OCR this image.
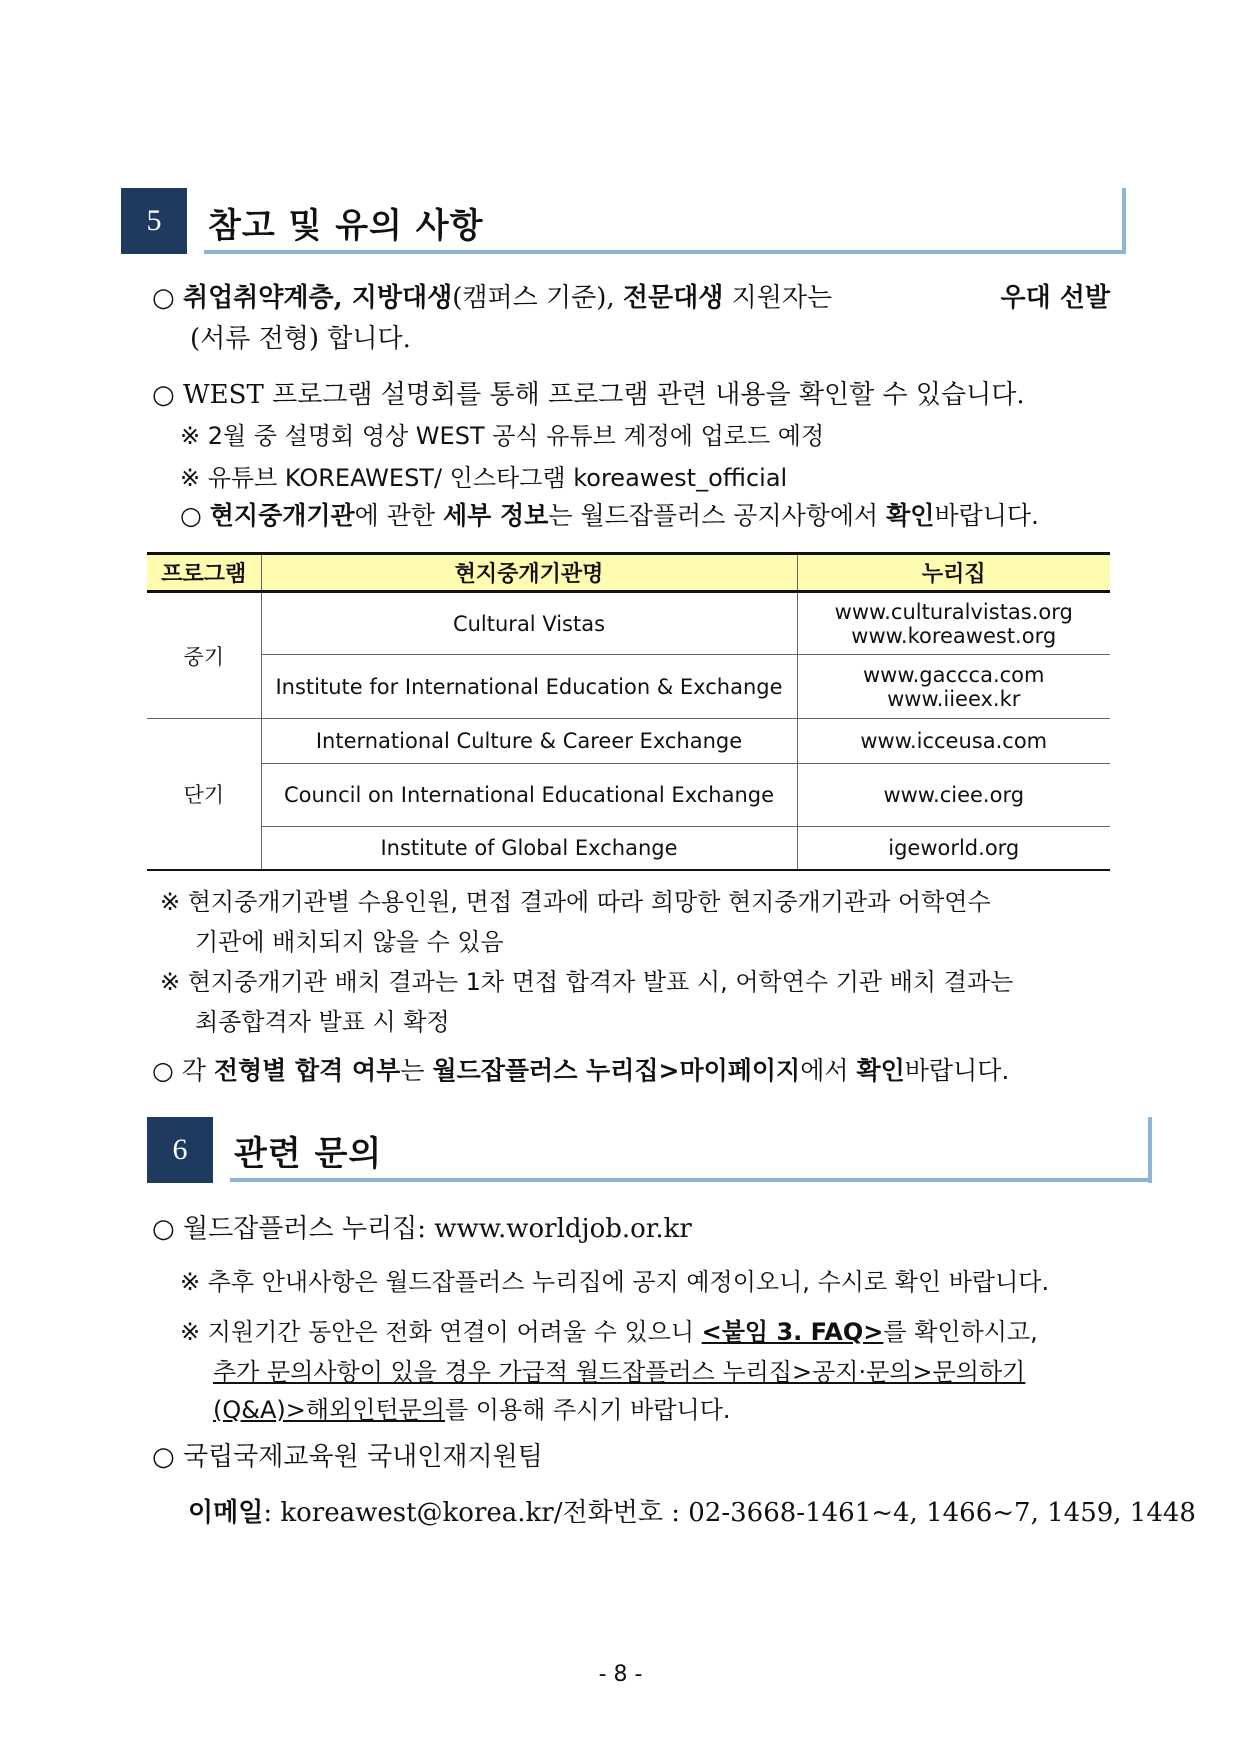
5	참고 및 유의 사항
○ 취업취약계층, 지방대생(캠퍼스 기준), 전문대생 지원자는	우대 선발
(서류 전형) 합니다.
○ WEST 프로그램 설명회를 통해 프로그램 관련 내용을 확인할 수 있습니다.
※ 2월 중 설명회 영상 WEST 공식 유튜브 계정에 업로드 예정
※ 유튜브 KOREAWEST/ 인스타그램 koreawest_official
○ 현지중개기관에 관한 세부 정보는 월드잡플러스 공지사항에서 확인바랍니다.
프로그램	현지중개기관명	누리집
중기	Cultural Vistas	www.culturalvistas.org
www.koreawest.org

	Institute for International Education & Exchange	www.gaccca.com
www.iieex.kr

단기	International Culture & Career Exchange	www.icceusa.com
	Council on International Educational Exchange	www.ciee.org
	Institute of Global Exchange	igeworld.org
※ 현지중개기관별 수용인원, 면접 결과에 따라 희망한 현지중개기관과 어학연수
기관에 배치되지 않을 수 있음
※ 현지중개기관 배치 결과는 1차 면접 합격자 발표 시, 어학연수 기관 배치 결과는
최종합격자 발표 시 확정
○ 각 전형별 합격 여부는 월드잡플러스 누리집>마이페이지에서 확인바랍니다.
6	관련 문의
○ 월드잡플러스 누리집: www.worldjob.or.kr
※ 추후 안내사항은 월드잡플러스 누리집에 공지 예정이오니, 수시로 확인 바랍니다.
※ 지원기간 동안은 전화 연결이 어려울 수 있으니 <붙임 3. FAQ>를 확인하시고,
추가 문의사항이 있을 경우 가급적 월드잡플러스 누리집>공지·문의>문의하기
(Q&A)>해외인턴문의를 이용해 주시기 바랍니다.
○ 국립국제교육원 국내인재지원팀
이메일: koreawest@korea.kr/전화번호 : 02-3668-1461~4, 1466~7, 1459, 1448
- 8 -
